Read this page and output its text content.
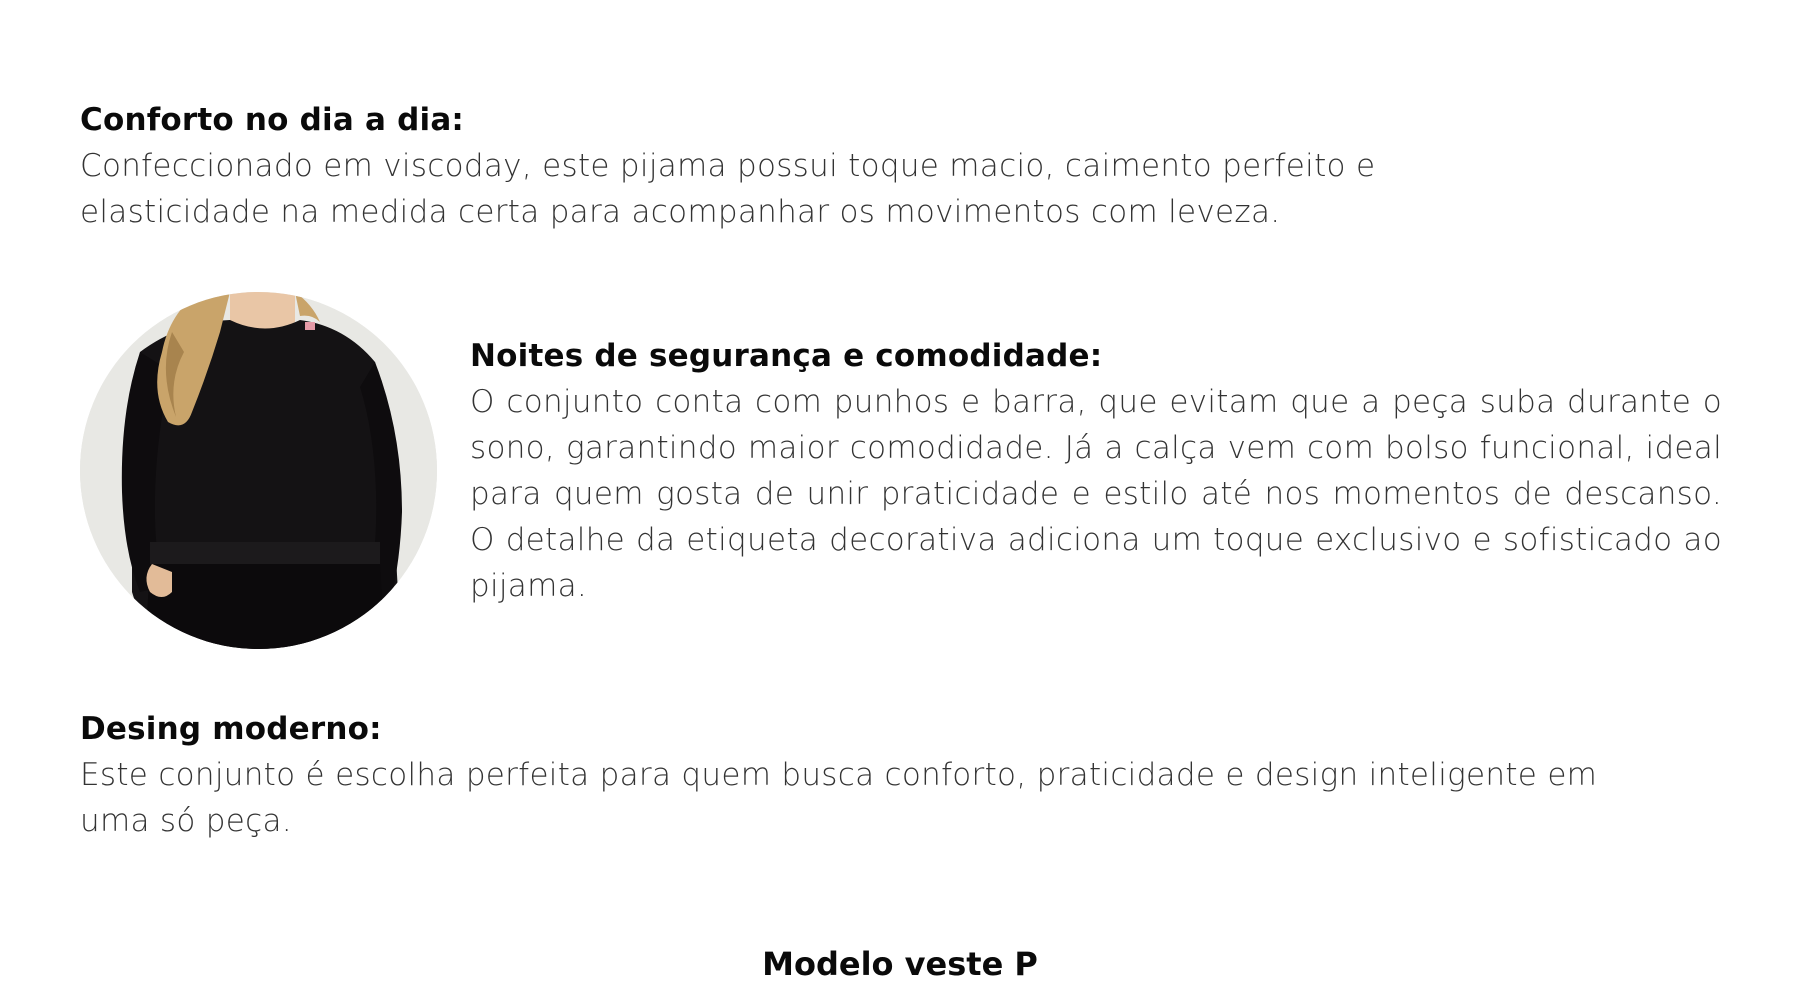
Conforto no dia a dia:

Confeccionado em viscoday, este pijama possui toque macio, caimento perfeito e elasticidade na medida certa para acompanhar os movimentos com leveza.

Noites de segurança e comodidade:

O conjunto conta com punhos e barra, que evitam que a peça suba durante o sono, garantindo maior comodidade. Já a calça vem com bolso funcional, ideal para quem gosta de unir praticidade e estilo até nos momentos de descanso. O detalhe da etiqueta decorativa adiciona um toque exclusivo e sofisticado ao pijama.

Desing moderno:

Este conjunto é escolha perfeita para quem busca conforto, praticidade e design inteligente em uma só peça.

Modelo veste P
